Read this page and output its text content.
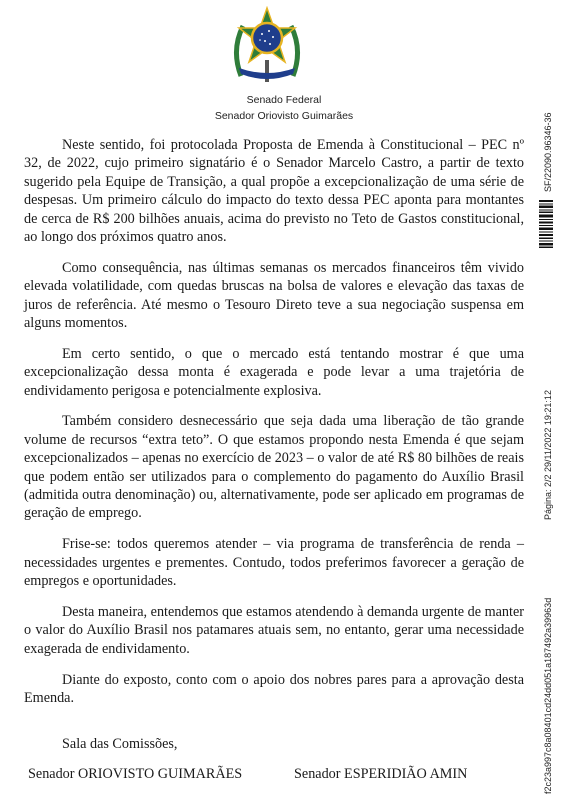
Senado Federal
Senador Oriovisto Guimarães

Neste sentido, foi protocolada Proposta de Emenda à Constitucional – PEC nº 32, de 2022, cujo primeiro signatário é o Senador Marcelo Castro, a partir de texto sugerido pela Equipe de Transição, a qual propõe a excepcionalização de uma série de despesas. Um primeiro cálculo do impacto do texto dessa PEC aponta para montantes de cerca de R$ 200 bilhões anuais, acima do previsto no Teto de Gastos constitucional, ao longo dos próximos quatro anos.

Como consequência, nas últimas semanas os mercados financeiros têm vivido elevada volatilidade, com quedas bruscas na bolsa de valores e elevação das taxas de juros de referência. Até mesmo o Tesouro Direto teve a sua negociação suspensa em alguns momentos.

Em certo sentido, o que o mercado está tentando mostrar é que uma excepcionalização dessa monta é exagerada e pode levar a uma trajetória de endividamento perigosa e potencialmente explosiva.

Também considero desnecessário que seja dada uma liberação de tão grande volume de recursos “extra teto”. O que estamos propondo nesta Emenda é que sejam excepcionalizados – apenas no exercício de 2023 – o valor de até R$ 80 bilhões de reais que podem então ser utilizados para o complemento do pagamento do Auxílio Brasil (admitida outra denominação) ou, alternativamente, pode ser aplicado em programas de geração de emprego.

Frise-se: todos queremos atender – via programa de transferência de renda – necessidades urgentes e prementes. Contudo, todos preferimos favorecer a geração de empregos e oportunidades.

Desta maneira, entendemos que estamos atendendo à demanda urgente de manter o valor do Auxílio Brasil nos patamares atuais sem, no entanto, gerar uma necessidade exagerada de endividamento.

Diante do exposto, conto com o apoio dos nobres pares para a aprovação desta Emenda.

Sala das Comissões,

Senador ORIOVISTO GUIMARÃES	Senador ESPERIDIÃO AMIN
SF/22090.96346-36
Página: 2/2 29/11/2022 19:21:12
f2c23a997c8a08401cd24dd051a187492a39963d
